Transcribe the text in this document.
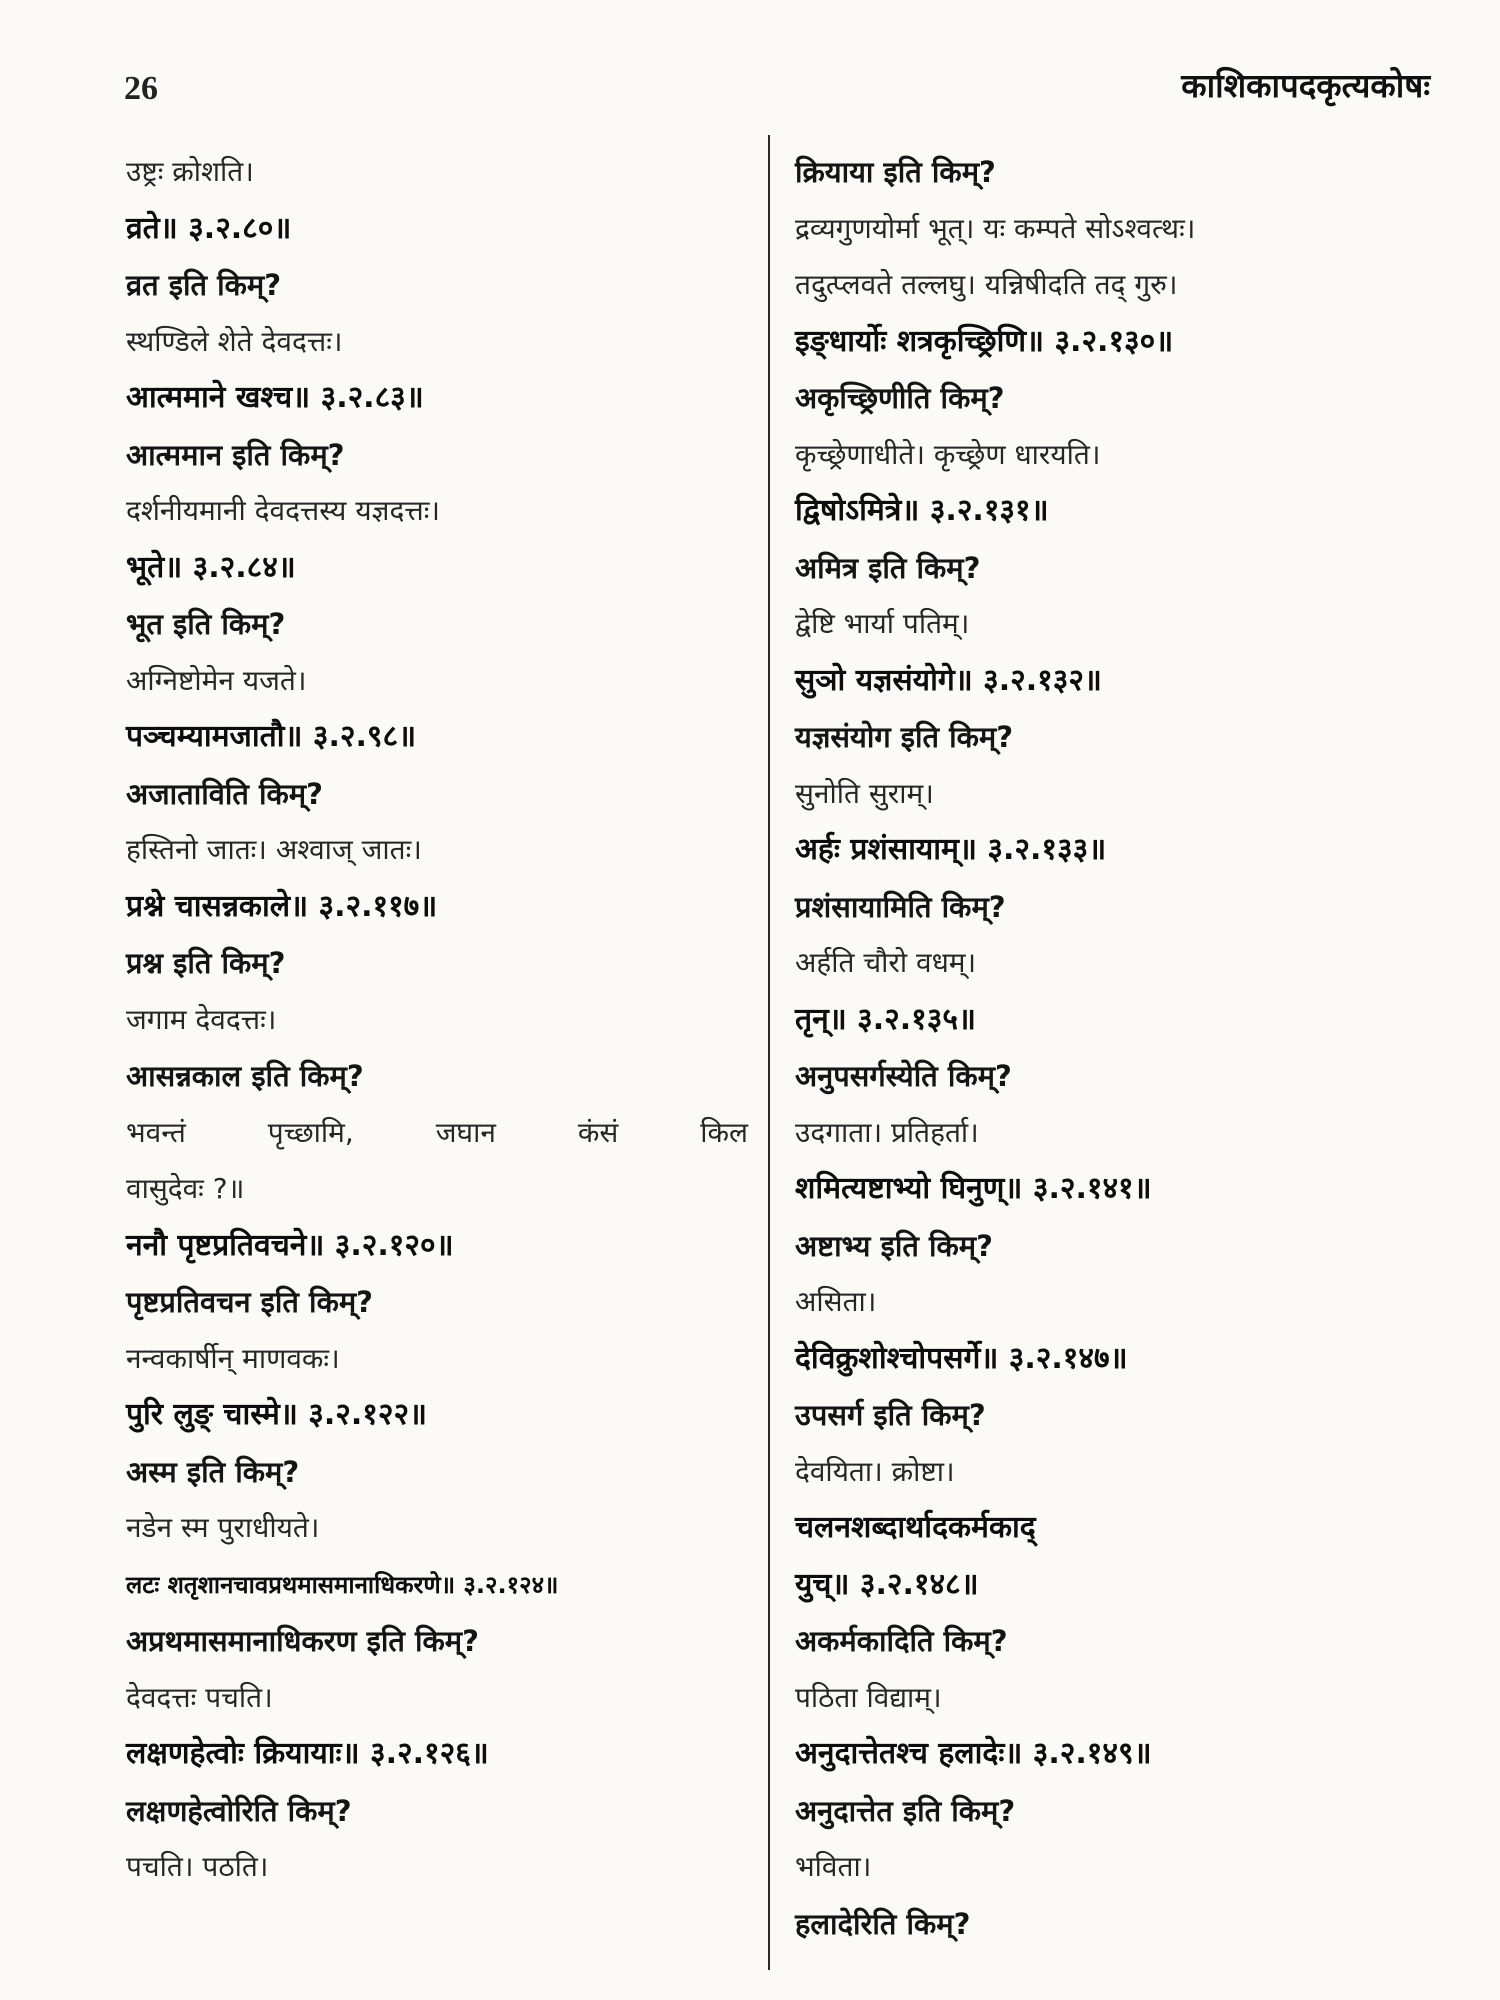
26	काशिकापदकृत्यकोषः
उष्ट्रः क्रोशति।
व्रते॥ ३.२.८०॥
व्रत इति किम्?
स्थण्डिले शेते देवदत्तः।
आत्ममाने खश्च॥ ३.२.८३॥
आत्ममान इति किम्?
दर्शनीयमानी देवदत्तस्य यज्ञदत्तः।
भूते॥ ३.२.८४॥
भूत इति किम्?
अग्निष्टोमेन यजते।
पञ्चम्यामजातौ॥ ३.२.९८॥
अजाताविति किम्?
हस्तिनो जातः। अश्वाज् जातः।
प्रश्ने चासन्नकाले॥ ३.२.११७॥
प्रश्न इति किम्?
जगाम देवदत्तः।
आसन्नकाल इति किम्?
भवन्तं	पृच्छामि,	जघान	कंसं	किल
वासुदेवः ?॥
ननौ पृष्टप्रतिवचने॥ ३.२.१२०॥
पृष्टप्रतिवचन इति किम्?
नन्वकार्षीन् माणवकः।
पुरि लुङ् चास्मे॥ ३.२.१२२॥
अस्म इति किम्?
नडेन स्म पुराधीयते।
लटः शतृशानचावप्रथमासमानाधिकरणे॥ ३.२.१२४॥
अप्रथमासमानाधिकरण इति किम्?
देवदत्तः पचति।
लक्षणहेत्वोः क्रियायाः॥ ३.२.१२६॥
लक्षणहेत्वोरिति किम्?
पचति। पठति।
क्रियाया इति किम्?
द्रव्यगुणयोर्मा भूत्। यः कम्पते सोऽश्वत्थः।
तदुत्प्लवते तल्लघु। यन्निषीदति तद् गुरु।
इङ्धार्योः शत्रकृच्छ्रिणि॥ ३.२.१३०॥
अकृच्छ्रिणीति किम्?
कृच्छ्रेणाधीते। कृच्छ्रेण धारयति।
द्विषोऽमित्रे॥ ३.२.१३१॥
अमित्र इति किम्?
द्वेष्टि भार्या पतिम्।
सुञो यज्ञसंयोगे॥ ३.२.१३२॥
यज्ञसंयोग इति किम्?
सुनोति सुराम्।
अर्हः प्रशंसायाम्॥ ३.२.१३३॥
प्रशंसायामिति किम्?
अर्हति चौरो वधम्।
तृन्॥ ३.२.१३५॥
अनुपसर्गस्येति किम्?
उदगाता। प्रतिहर्ता।
शमित्यष्टाभ्यो घिनुण्॥ ३.२.१४१॥
अष्टाभ्य इति किम्?
असिता।
देविक्रुशोश्चोपसर्गे॥ ३.२.१४७॥
उपसर्ग इति किम्?
देवयिता। क्रोष्टा।
चलनशब्दार्थादकर्मकाद्
युच्॥ ३.२.१४८॥
अकर्मकादिति किम्?
पठिता विद्याम्।
अनुदात्तेतश्च हलादेः॥ ३.२.१४९॥
अनुदात्तेत इति किम्?
भविता।
हलादेरिति किम्?
